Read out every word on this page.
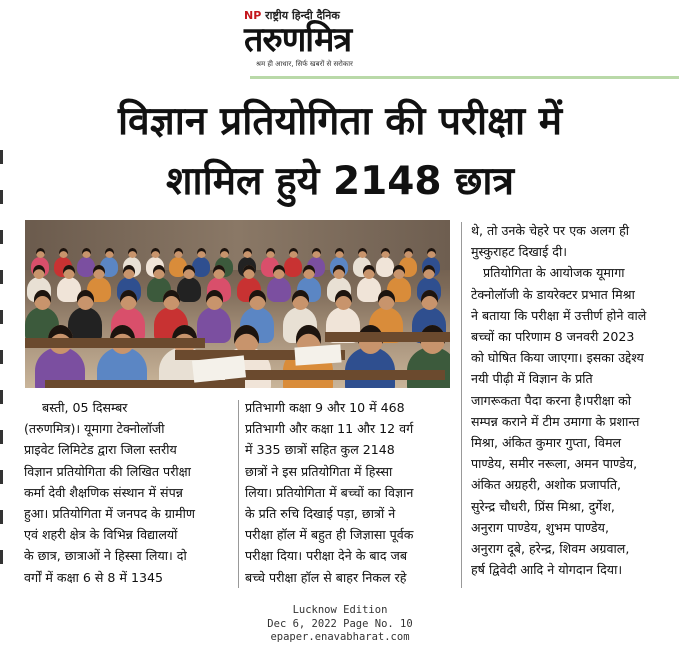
NP राष्ट्रीय हिन्दी दैनिक
तरुणमित्र
श्रम ही आधार, सिर्फ खबरों से सरोकार
विज्ञान प्रतियोगिता की परीक्षा में
शामिल हुये 2148 छात्र
बस्ती, 05 दिसम्बर
(तरुणमित्र)। यूमागा टेक्नोलॉजी
प्राइवेट लिमिटेड द्वारा जिला स्तरीय
विज्ञान प्रतियोगिता की लिखित परीक्षा
कर्मा देवी शैक्षणिक संस्थान में संपन्न
हुआ। प्रतियोगिता में जनपद के ग्रामीण
एवं शहरी क्षेत्र के विभिन्न विद्यालयों
के छात्र, छात्राओं ने हिस्सा लिया। दो
वर्गों में कक्षा 6 से 8 में 1345
प्रतिभागी कक्षा 9 और 10 में 468
प्रतिभागी और कक्षा 11 और 12 वर्ग
में 335 छात्रों सहित कुल 2148
छात्रों ने इस प्रतियोगिता में हिस्सा
लिया। प्रतियोगिता में बच्चों का विज्ञान
के प्रति रुचि दिखाई पड़ा, छात्रों ने
परीक्षा हॉल में बहुत ही जिज्ञासा पूर्वक
परीक्षा दिया। परीक्षा देने के बाद जब
बच्चे परीक्षा हॉल से बाहर निकल रहे
थे, तो उनके चेहरे पर एक अलग ही
मुस्कुराहट दिखाई दी।
प्रतियोगिता के आयोजक यूमागा
टेक्नोलॉजी के डायरेक्टर प्रभात मिश्रा
ने बताया कि परीक्षा में उत्तीर्ण होने वाले
बच्चों का परिणाम 8 जनवरी 2023
को घोषित किया जाएगा। इसका उद्देश्य
नयी पीढ़ी में विज्ञान के प्रति
जागरूकता पैदा करना है।परीक्षा को
सम्पन्न कराने में टीम उमागा के प्रशान्त
मिश्रा, अंकित कुमार गुप्ता, विमल
पाण्डेय, समीर नरूला, अमन पाण्डेय,
अंकित अग्रहरी, अशोक प्रजापति,
सुरेन्द्र चौधरी, प्रिंस मिश्रा, दुर्गेश,
अनुराग पाण्डेय, शुभम पाण्डेय,
अनुराग दूबे, हरेन्द्र, शिवम अग्रवाल,
हर्ष द्विवेदी आदि ने योगदान दिया।
Lucknow Edition
Dec 6, 2022 Page No. 10
epaper.enavabharat.com
